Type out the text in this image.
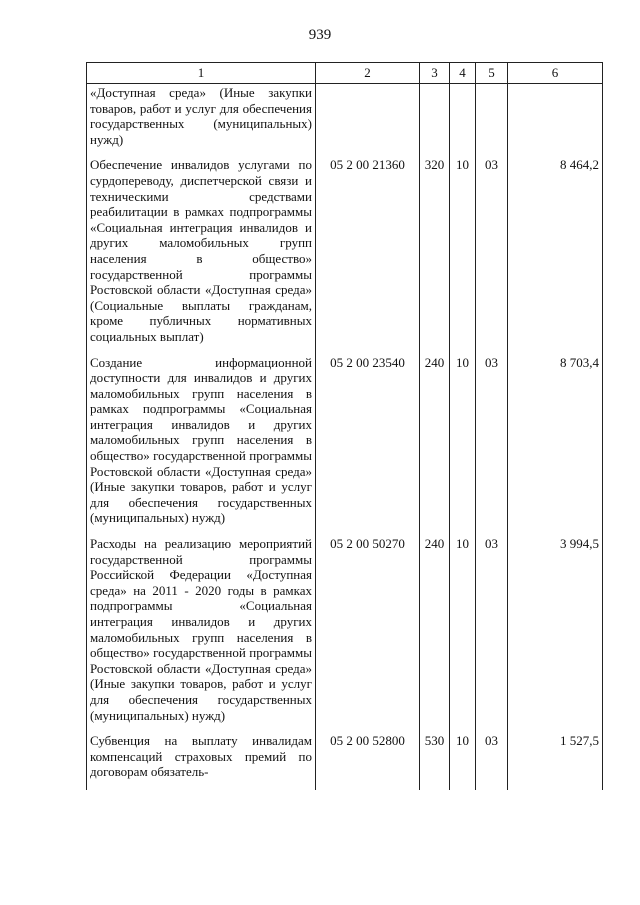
939
1	2	3	4	5	6
«Доступная среда» (Иные закупки товаров, работ и услуг для обеспечения государственных (муниципальных) нужд)					
Обеспечение инвалидов услугами по сурдопереводу, диспетчерской связи и техническими средствами реабилитации в рамках подпрограммы «Социальная интеграция инвалидов и других маломобильных групп населения в общество» государственной программы Ростовской области «Доступная среда» (Социальные выплаты гражданам, кроме публичных нормативных социальных выплат)	05 2 00 21360	320	10	03	8 464,2
Создание информационной доступности для инвалидов и других маломобильных групп населения в рамках подпрограммы «Социальная интеграция инвалидов и других маломобильных групп населения в общество» государственной программы Ростовской области «Доступная среда» (Иные закупки товаров, работ и услуг для обеспечения государственных (муниципальных) нужд)	05 2 00 23540	240	10	03	8 703,4
Расходы на реализацию мероприятий государственной программы Российской Федерации «Доступная среда» на 2011 - 2020 годы в рамках подпрограммы «Социальная интеграция инвалидов и других маломобильных групп населения в общество» государственной программы Ростовской области «Доступная среда» (Иные закупки товаров, работ и услуг для обеспечения государственных (муниципальных) нужд)	05 2 00 50270	240	10	03	3 994,5
Субвенция на выплату инвалидам компенсаций страховых премий по договорам обязатель-	05 2 00 52800	530	10	03	1 527,5
